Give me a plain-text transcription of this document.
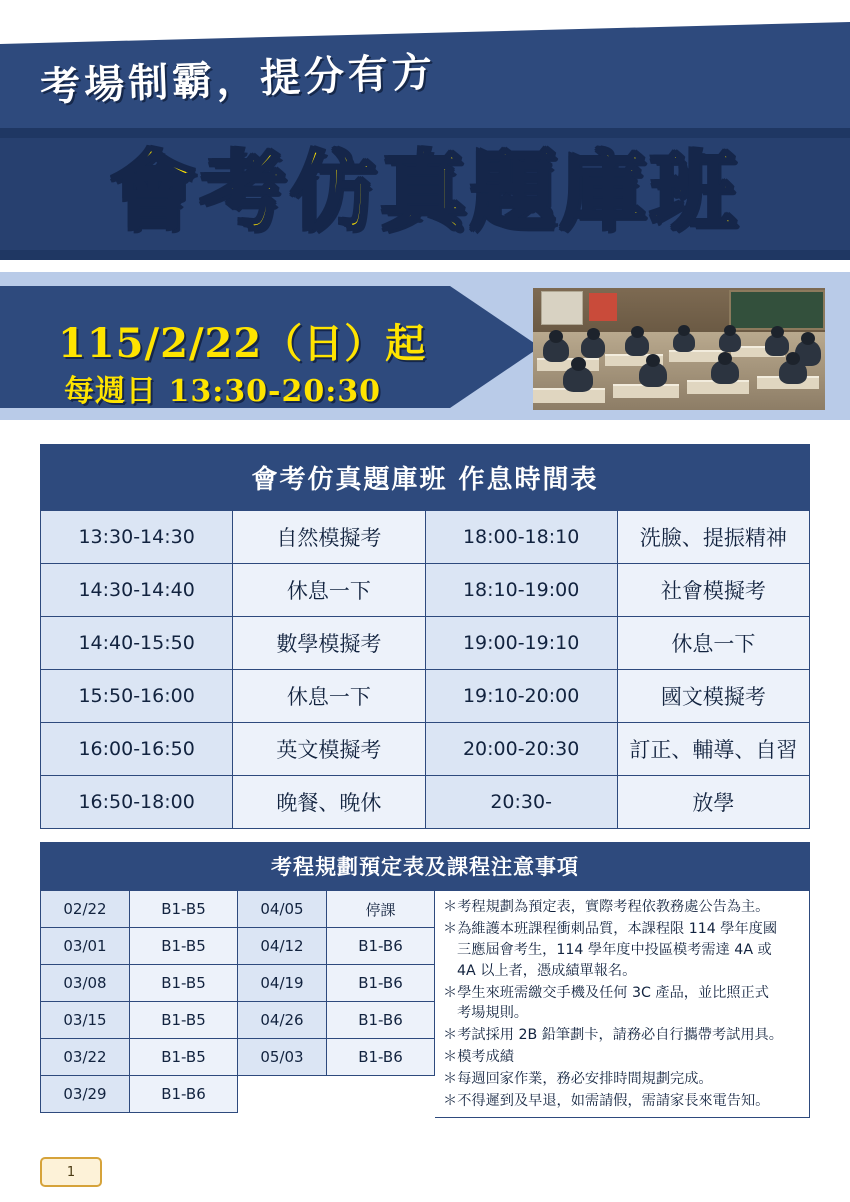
考場制霸，提分有方
會考仿真題庫班
115/2/22（日）起
每週日 13:30-20:30
會考仿真題庫班 作息時間表			
13:30-14:30	自然模擬考	18:00-18:10	洗臉、提振精神
14:30-14:40	休息一下	18:10-19:00	社會模擬考
14:40-15:50	數學模擬考	19:00-19:10	休息一下
15:50-16:00	休息一下	19:10-20:00	國文模擬考
16:00-16:50	英文模擬考	20:00-20:30	訂正、輔導、自習
16:50-18:00	晚餐、晚休	20:30-	放學
考程規劃預定表及課程注意事項
02/22	B1-B5	04/05	停課
03/01	B1-B5	04/12	B1-B6
03/08	B1-B5	04/19	B1-B6
03/15	B1-B5	04/26	B1-B6
03/22	B1-B5	05/03	B1-B6
03/29	B1-B6		
＊考程規劃為預定表，實際考程依教務處公告為主。
＊為維護本班課程衝刺品質，本課程限 114 學年度國
三應屆會考生，114 學年度中投區模考需達 4A 或
4A 以上者，憑成績單報名。
＊學生來班需繳交手機及任何 3C 產品，並比照正式
考場規則。
＊考試採用 2B 鉛筆劃卡，請務必自行攜帶考試用具。
＊模考成績
＊每週回家作業，務必安排時間規劃完成。
＊不得遲到及早退，如需請假，需請家長來電告知。
1
